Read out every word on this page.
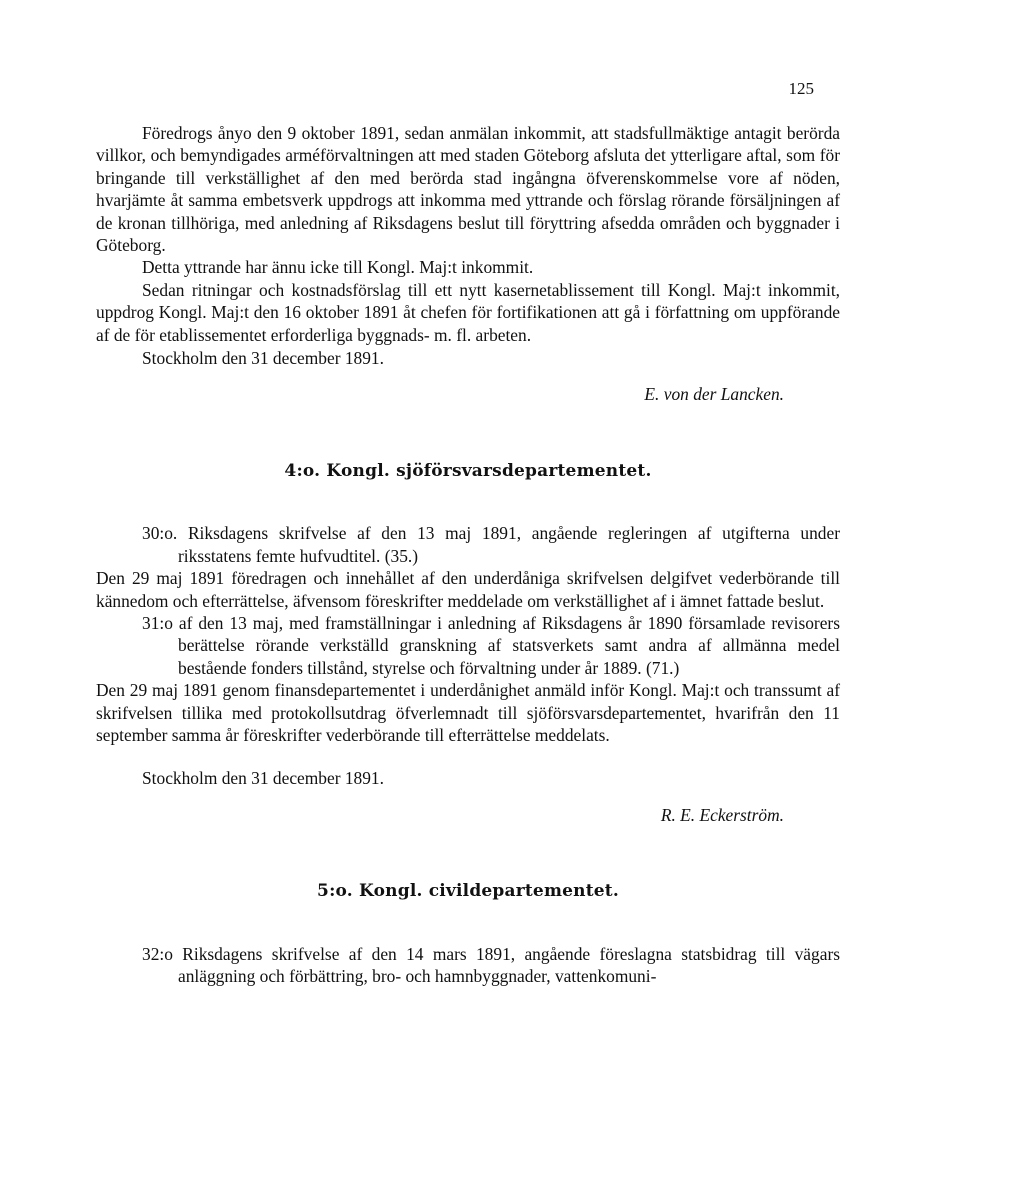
125

Föredrogs ånyo den 9 oktober 1891, sedan anmälan inkommit, att stadsfullmäktige antagit berörda villkor, och bemyndigades arméförvaltningen att med staden Göteborg afsluta det ytterligare aftal, som för bringande till verkställighet af den med berörda stad ingångna öfverenskommelse vore af nöden, hvarjämte åt samma embetsverk uppdrogs att inkomma med yttrande och förslag rörande försäljningen af de kronan tillhöriga, med anledning af Riksdagens beslut till föryttring afsedda områden och byggnader i Göteborg.

Detta yttrande har ännu icke till Kongl. Maj:t inkommit.

Sedan ritningar och kostnadsförslag till ett nytt kasernetablissement till Kongl. Maj:t inkommit, uppdrog Kongl. Maj:t den 16 oktober 1891 åt chefen för fortifikationen att gå i författning om uppförande af de för etablissementet erforderliga byggnads- m. fl. arbeten.

Stockholm den 31 december 1891.

E. von der Lancken.

4:o. Kongl. sjöförsvarsdepartementet.

30:o. Riksdagens skrifvelse af den 13 maj 1891, angående regleringen af utgifterna under riksstatens femte hufvudtitel. (35.)

Den 29 maj 1891 föredragen och innehållet af den underdåniga skrifvelsen delgifvet vederbörande till kännedom och efterrättelse, äfvensom föreskrifter meddelade om verkställighet af i ämnet fattade beslut.

31:o af den 13 maj, med framställningar i anledning af Riksdagens år 1890 församlade revisorers berättelse rörande verkställd granskning af statsverkets samt andra af allmänna medel bestående fonders tillstånd, styrelse och förvaltning under år 1889. (71.)

Den 29 maj 1891 genom finansdepartementet i underdånighet anmäld inför Kongl. Maj:t och transsumt af skrifvelsen tillika med protokollsutdrag öfverlemnadt till sjöförsvarsdepartementet, hvarifrån den 11 september samma år föreskrifter vederbörande till efterrättelse meddelats.

Stockholm den 31 december 1891.

R. E. Eckerström.

5:o. Kongl. civildepartementet.

32:o Riksdagens skrifvelse af den 14 mars 1891, angående föreslagna statsbidrag till vägars anläggning och förbättring, bro- och hamnbyggnader, vattenkomuni-
